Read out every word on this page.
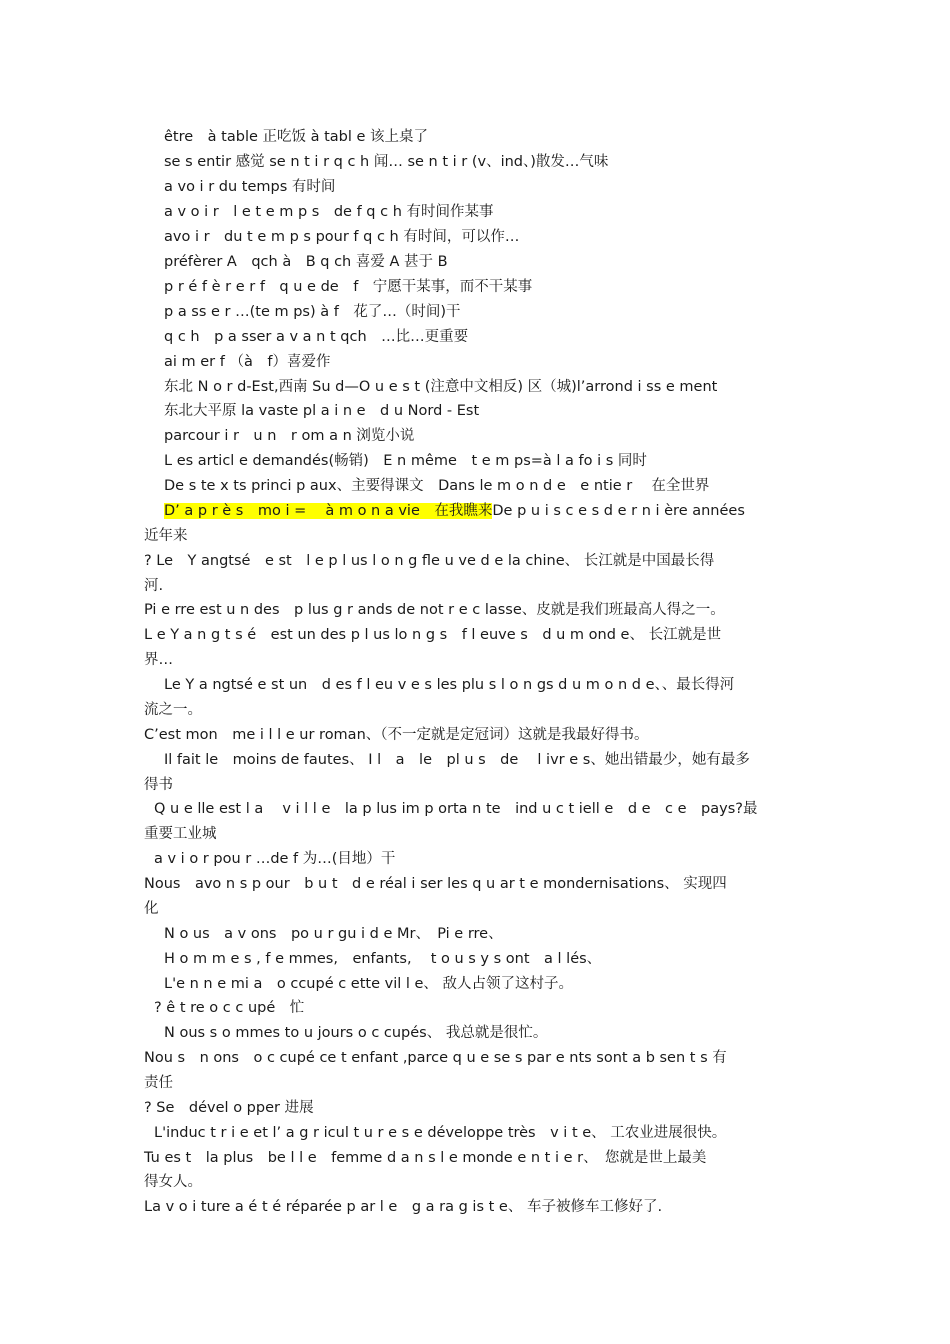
être　à table 正吃饭 à tabl e 该上桌了
se s entir 感觉 se n t i r q c h 闻… se n t i r (v、ind、)散发…气味
a vo i r du temps 有时间
a v o i r　l e t e m p s　de f q c h 有时间作某事
avo i r　du t e m p s pour f q c h 有时间，可以作…
préfèrer A　qch à　B q ch 喜爱 A 甚于 B
p r é f è r e r f　q u e de　f　宁愿干某事，而不干某事
p a ss e r …(te m ps) à f　花了…（时间)干
q c h　p a sser a v a n t qch　…比…更重要
ai m er f （à　f）喜爱作
东北 N o r d-Est,西南 Su d—O u e s t (注意中文相反) 区（城)l’arrond i ss e ment
东北大平原 la vaste pl a i n e　d u Nord - Est
parcour i r　u n　r om a n 浏览小说
L es articl e demandés(畅销)　E n même　t e m ps=à l a fo i s 同时
De s te x ts princi p aux、主要得课文　Dans le m o n d e　e ntie r　 在全世界
D’ a p r è s　mo i =　 à m o n a vie　在我瞧来De p u i s c e s d e r n i ère années
近年来
? Le　Y angtsé　e st　l e p l us l o n g fle u ve d e la chine、 长江就是中国最长得
河.
Pi e rre est u n des　p lus g r ands de not r e c lasse、皮就是我们班最高人得之一。
L e Y a n g t s é　est un des p l us lo n g s　f l euve s　d u m ond e、 长江就是世
界…
Le Y a ngtsé e st un　d es f l eu v e s les plu s l o n gs d u m o n d e、、最长得河
流之一。
C’est mon　me i l l e ur roman、（不一定就是定冠词）这就是我最好得书。
Il fait le　moins de fautes、 I l　a　le　pl u s　de　 l ivr e s、她出错最少，她有最多
得书
Q u e lle est l a　 v i l l e　la p lus im p orta n te　ind u c t iell e　d e　c e　pays?最
重要工业城
a v i o r pou r …de f 为…(目地）干
Nous　avo n s p our　b u t　d e réal i ser les q u ar t e mondernisations、 实现四
化
N o us　a v ons　po u r gu i d e Mr、　Pi e rre、
H o m m e s , f e mmes,　enfants,　 t o u s y s ont　a l lés、
L'e n n e mi a　o ccupé c ette vil l e、 敌人占领了这村子。
? ê t re o c c upé　忙
N ous s o mmes to u jours o c cupés、 我总就是很忙。
Nou s　n ons　o c cupé ce t enfant ,parce q u e se s par e nts sont a b sen t s 有
责任
? Se　dével o pper 进展
L'induc t r i e et l’ a g r icul t u r e s e développe très　v i t e、 工农业进展很快。
Tu es t　la plus　be l l e　femme d a n s l e monde e n t i e r、　您就是世上最美
得女人。
La v o i ture a é t é réparée p ar l e　g a ra g is t e、 车子被修车工修好了.
